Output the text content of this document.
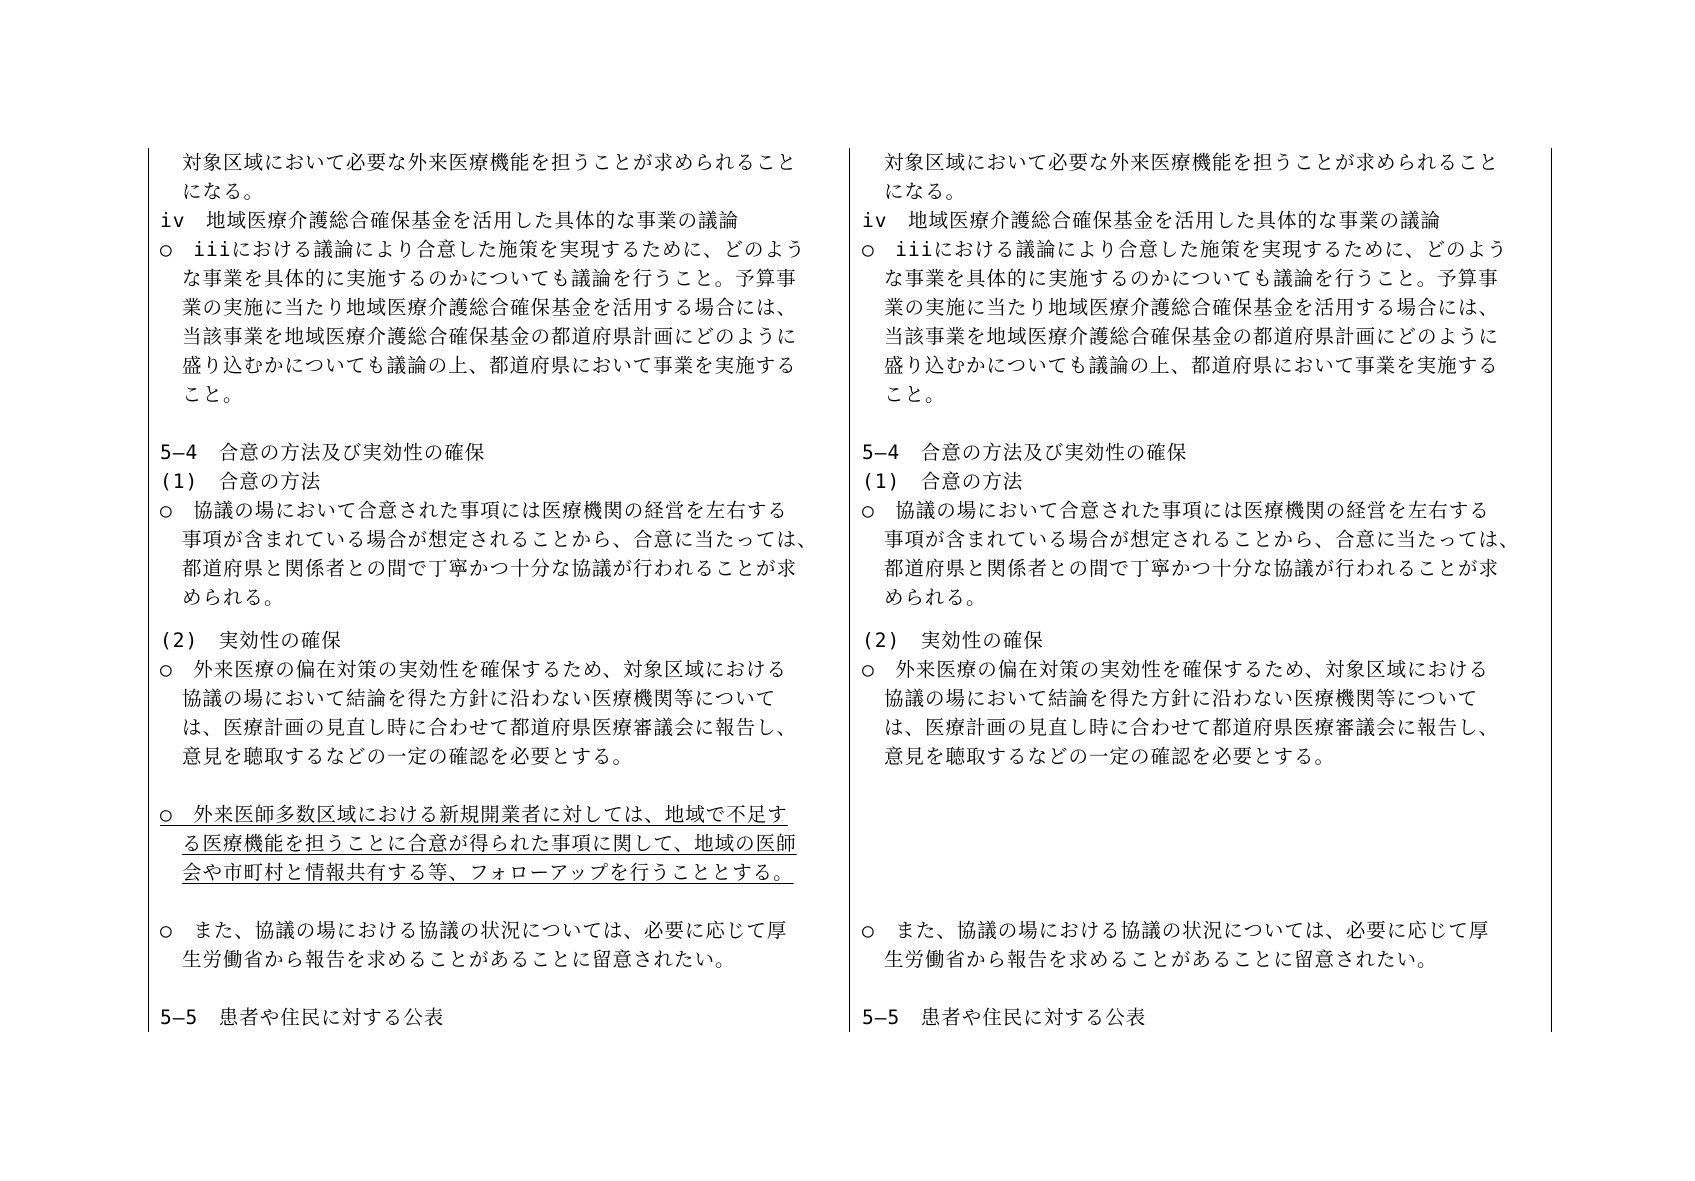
対象区域において必要な外来医療機能を担うことが求められること
になる。
iv　地域医療介護総合確保基金を活用した具体的な事業の議論
○　iiiにおける議論により合意した施策を実現するために、どのよう
な事業を具体的に実施するのかについても議論を行うこと。予算事
業の実施に当たり地域医療介護総合確保基金を活用する場合には、
当該事業を地域医療介護総合確保基金の都道府県計画にどのように
盛り込むかについても議論の上、都道府県において事業を実施する
こと。
5—4　合意の方法及び実効性の確保
(1)　合意の方法
○　協議の場において合意された事項には医療機関の経営を左右する
事項が含まれている場合が想定されることから、合意に当たっては、
都道府県と関係者との間で丁寧かつ十分な協議が行われることが求
められる。
(2)　実効性の確保
○　外来医療の偏在対策の実効性を確保するため、対象区域における
協議の場において結論を得た方針に沿わない医療機関等について
は、医療計画の見直し時に合わせて都道府県医療審議会に報告し、
意見を聴取するなどの一定の確認を必要とする。
○　外来医師多数区域における新規開業者に対しては、地域で不足す
る医療機能を担うことに合意が得られた事項に関して、地域の医師
会や市町村と情報共有する等、フォローアップを行うこととする。
○　また、協議の場における協議の状況については、必要に応じて厚
生労働省から報告を求めることがあることに留意されたい。
5—5　患者や住民に対する公表
対象区域において必要な外来医療機能を担うことが求められること
になる。
iv　地域医療介護総合確保基金を活用した具体的な事業の議論
○　iiiにおける議論により合意した施策を実現するために、どのよう
な事業を具体的に実施するのかについても議論を行うこと。予算事
業の実施に当たり地域医療介護総合確保基金を活用する場合には、
当該事業を地域医療介護総合確保基金の都道府県計画にどのように
盛り込むかについても議論の上、都道府県において事業を実施する
こと。
5—4　合意の方法及び実効性の確保
(1)　合意の方法
○　協議の場において合意された事項には医療機関の経営を左右する
事項が含まれている場合が想定されることから、合意に当たっては、
都道府県と関係者との間で丁寧かつ十分な協議が行われることが求
められる。
(2)　実効性の確保
○　外来医療の偏在対策の実効性を確保するため、対象区域における
協議の場において結論を得た方針に沿わない医療機関等について
は、医療計画の見直し時に合わせて都道府県医療審議会に報告し、
意見を聴取するなどの一定の確認を必要とする。
○　また、協議の場における協議の状況については、必要に応じて厚
生労働省から報告を求めることがあることに留意されたい。
5—5　患者や住民に対する公表
